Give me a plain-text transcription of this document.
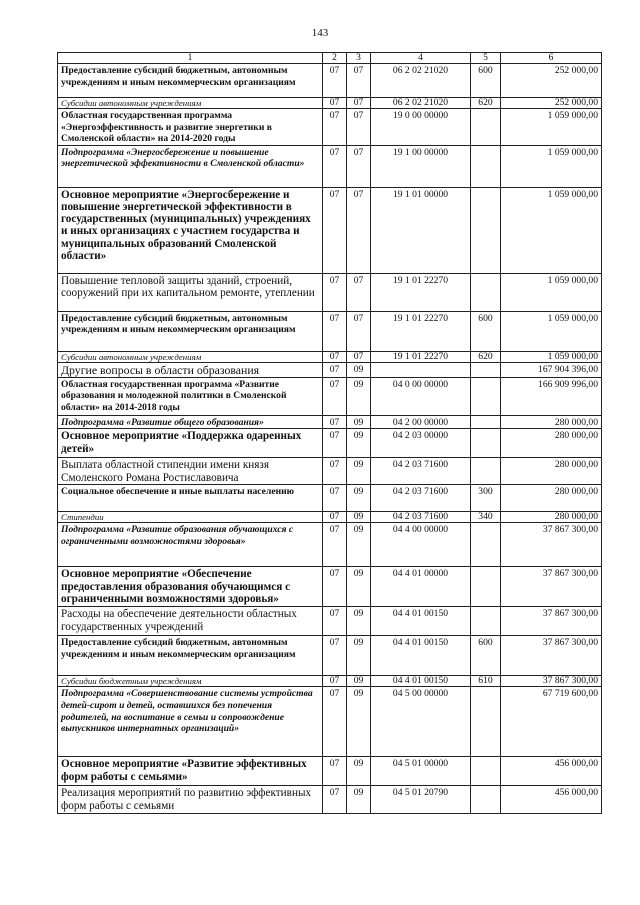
143
1	2	3	4	5	6
Предоставление субсидий бюджетным, автономным учреждениям и иным некоммерческим организациям	07	07	06 2 02 21020	600	252 000,00
Субсидии автономным учреждениям	07	07	06 2 02 21020	620	252 000,00
Областная государственная программа «Энергоэффективность и развитие энергетики в Смоленской области» на 2014-2020 годы	07	07	19 0 00 00000		1 059 000,00
Подпрограмма «Энергосбережение и повышение энергетической эффективности в Смоленской области»	07	07	19 1 00 00000		1 059 000,00
Основное мероприятие «Энергосбережение и повышение энергетической эффективности в государственных (муниципальных) учреждениях и иных организациях с участием государства и муниципальных образований Смоленской области»	07	07	19 1 01 00000		1 059 000,00
Повышение тепловой защиты зданий, строений, сооружений при их капитальном ремонте, утеплении	07	07	19 1 01 22270		1 059 000,00
Предоставление субсидий бюджетным, автономным учреждениям и иным некоммерческим организациям	07	07	19 1 01 22270	600	1 059 000,00
Субсидии автономным учреждениям	07	07	19 1 01 22270	620	1 059 000,00
Другие вопросы в области образования	07	09			167 904 396,00
Областная государственная программа «Развитие образования и молодежной политики в Смоленской области» на 2014-2018 годы	07	09	04 0 00 00000		166 909 996,00
Подпрограмма «Развитие общего образования»	07	09	04 2 00 00000		280 000,00
Основное мероприятие «Поддержка одаренных детей»	07	09	04 2 03 00000		280 000,00
Выплата областной стипендии имени князя Смоленского Романа Ростиславовича	07	09	04 2 03 71600		280 000,00
Социальное обеспечение и иные выплаты населению	07	09	04 2 03 71600	300	280 000,00
Стипендии	07	09	04 2 03 71600	340	280 000,00
Подпрограмма «Развитие образования обучающихся с ограниченными возможностями здоровья»	07	09	04 4 00 00000		37 867 300,00
Основное мероприятие «Обеспечение предоставления образования обучающимся с ограниченными возможностями здоровья»	07	09	04 4 01 00000		37 867 300,00
Расходы на обеспечение деятельности областных государственных учреждений	07	09	04 4 01 00150		37 867 300,00
Предоставление субсидий бюджетным, автономным учреждениям и иным некоммерческим организациям	07	09	04 4 01 00150	600	37 867 300,00
Субсидии бюджетным учреждениям	07	09	04 4 01 00150	610	37 867 300,00
Подпрограмма «Совершенствование системы устройства детей-сирот и детей, оставшихся без попечения родителей, на воспитание в семьи и сопровождение выпускников интернатных организаций»	07	09	04 5 00 00000		67 719 600,00
Основное мероприятие «Развитие эффективных форм работы с семьями»	07	09	04 5 01 00000		456 000,00
Реализация мероприятий по развитию эффективных форм работы с семьями	07	09	04 5 01 20790		456 000,00
